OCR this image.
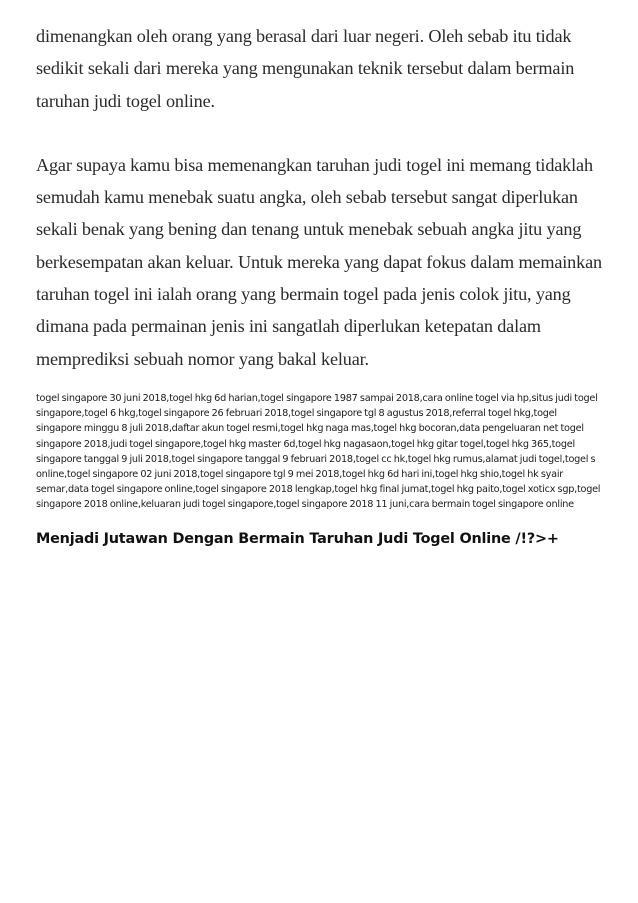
dimenangkan oleh orang yang berasal dari luar negeri. Oleh sebab itu tidak sedikit sekali dari mereka yang mengunakan teknik tersebut dalam bermain taruhan judi togel online.

Agar supaya kamu bisa memenangkan taruhan judi togel ini memang tidaklah semudah kamu menebak suatu angka, oleh sebab tersebut sangat diperlukan sekali benak yang bening dan tenang untuk menebak sebuah angka jitu yang berkesempatan akan keluar. Untuk mereka yang dapat fokus dalam memainkan taruhan togel ini ialah orang yang bermain togel pada jenis colok jitu, yang dimana pada permainan jenis ini sangatlah diperlukan ketepatan dalam memprediksi sebuah nomor yang bakal keluar.

togel singapore 30 juni 2018,togel hkg 6d harian,togel singapore 1987 sampai 2018,cara online togel via hp,situs judi togel singapore,togel 6 hkg,togel singapore 26 februari 2018,togel singapore tgl 8 agustus 2018,referral togel hkg,togel singapore minggu 8 juli 2018,daftar akun togel resmi,togel hkg naga mas,togel hkg bocoran,data pengeluaran net togel singapore 2018,judi togel singapore,togel hkg master 6d,togel hkg nagasaon,togel hkg gitar togel,togel hkg 365,togel singapore tanggal 9 juli 2018,togel singapore tanggal 9 februari 2018,togel cc hk,togel hkg rumus,alamat judi togel,togel s online,togel singapore 02 juni 2018,togel singapore tgl 9 mei 2018,togel hkg 6d hari ini,togel hkg shio,togel hk syair semar,data togel singapore online,togel singapore 2018 lengkap,togel hkg final jumat,togel hkg paito,togel xoticx sgp,togel singapore 2018 online,keluaran judi togel singapore,togel singapore 2018 11 juni,cara bermain togel singapore online

Menjadi Jutawan Dengan Bermain Taruhan Judi Togel Online /!?>+
